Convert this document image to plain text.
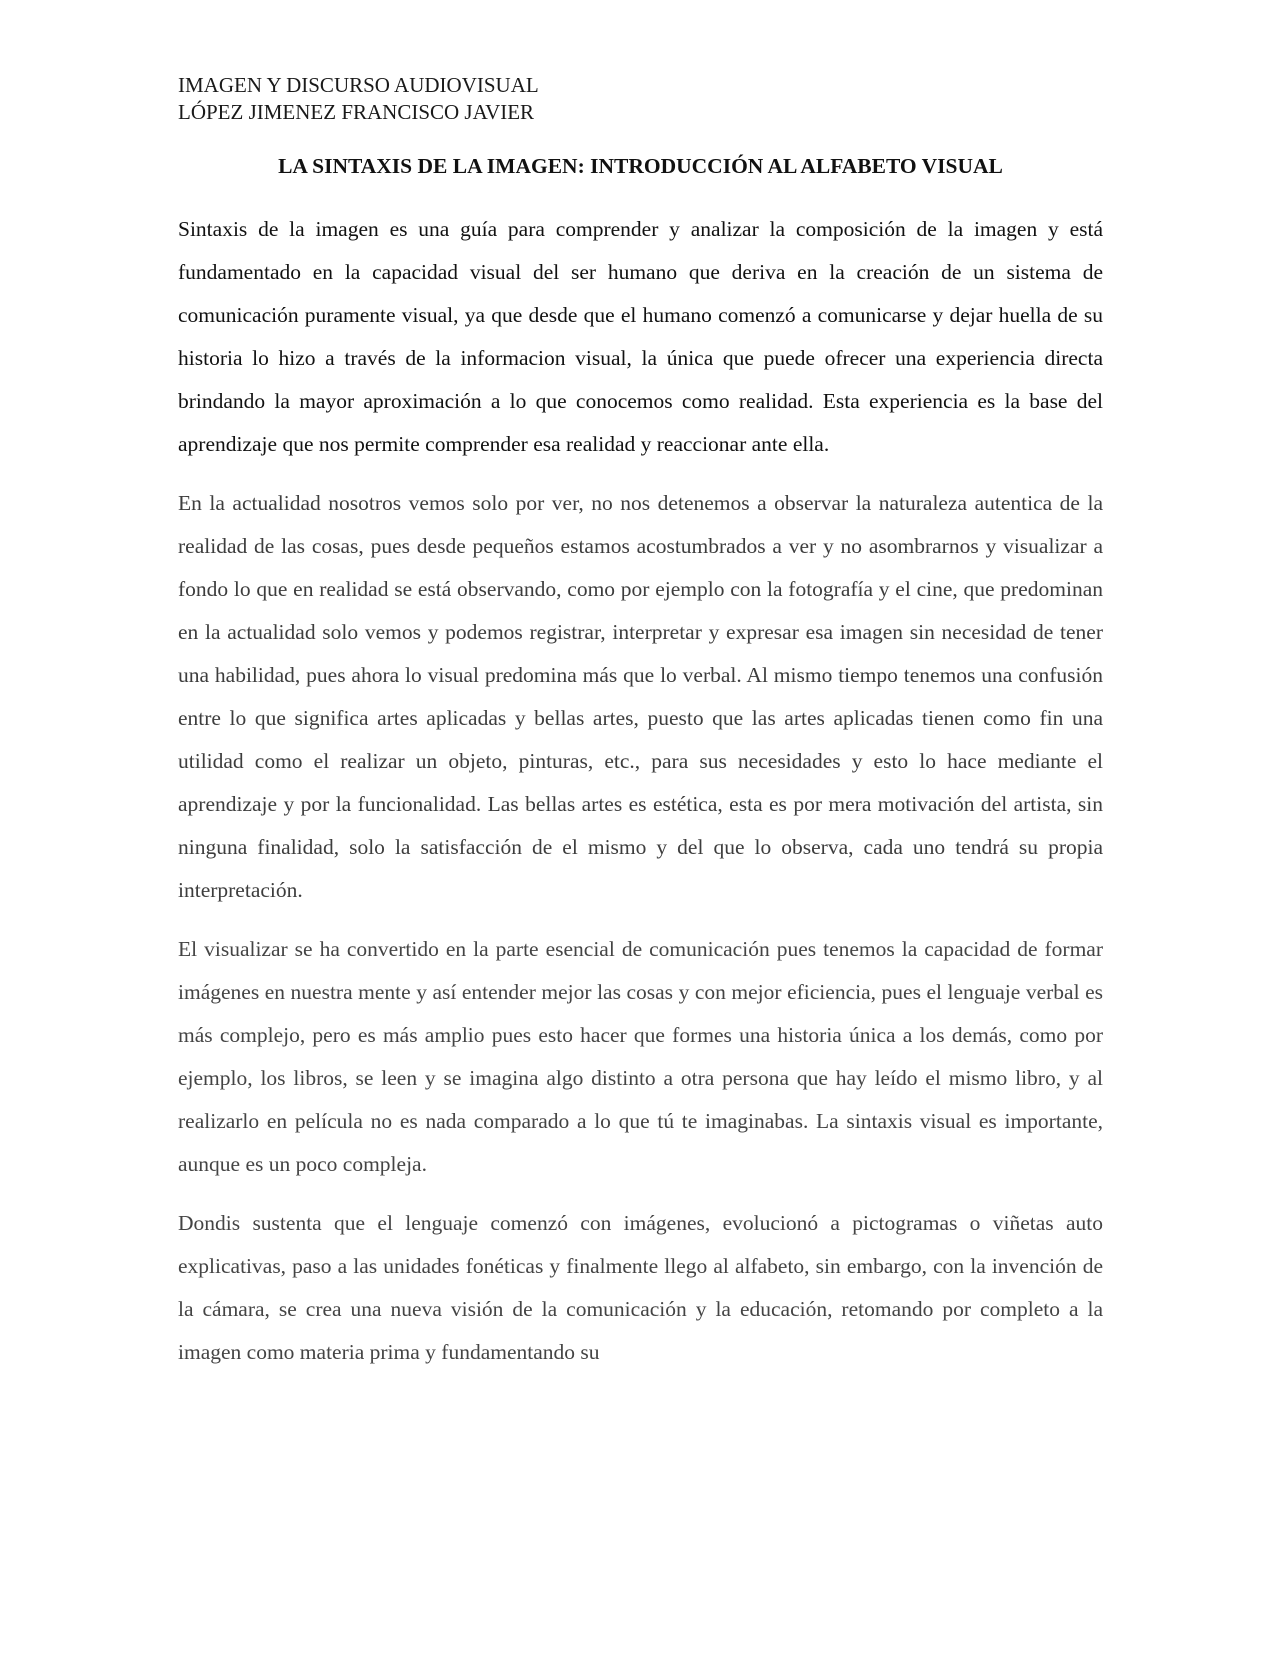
IMAGEN Y DISCURSO AUDIOVISUAL
LÓPEZ JIMENEZ FRANCISCO JAVIER
LA SINTAXIS DE LA IMAGEN: INTRODUCCIÓN AL ALFABETO VISUAL

Sintaxis de la imagen es una guía para comprender y analizar la composición de la imagen y está fundamentado en la capacidad visual del ser humano que deriva en la creación de un sistema de comunicación puramente visual, ya que desde que el humano comenzó a comunicarse y dejar huella de su historia lo hizo a través de la informacion visual, la única que puede ofrecer una experiencia directa brindando la mayor aproximación a lo que conocemos como realidad. Esta experiencia es la base del aprendizaje que nos permite comprender esa realidad y reaccionar ante ella.

En la actualidad nosotros vemos solo por ver, no nos detenemos a observar la naturaleza autentica de la realidad de las cosas, pues desde pequeños estamos acostumbrados a ver y no asombrarnos y visualizar a fondo lo que en realidad se está observando, como por ejemplo con la fotografía y el cine, que predominan en la actualidad solo vemos y podemos registrar, interpretar y expresar esa imagen sin necesidad de tener una habilidad, pues ahora lo visual predomina más que lo verbal. Al mismo tiempo tenemos una confusión entre lo que significa artes aplicadas y bellas artes, puesto que las artes aplicadas tienen como fin una utilidad como el realizar un objeto, pinturas, etc., para sus necesidades y esto lo hace mediante el aprendizaje y por la funcionalidad. Las bellas artes es estética, esta es por mera motivación del artista, sin ninguna finalidad, solo la satisfacción de el mismo y del que lo observa, cada uno tendrá su propia interpretación.

El visualizar se ha convertido en la parte esencial de comunicación pues tenemos la capacidad de formar imágenes en nuestra mente y así entender mejor las cosas y con mejor eficiencia, pues el lenguaje verbal es más complejo, pero es más amplio pues esto hacer que formes una historia única a los demás, como por ejemplo, los libros, se leen y se imagina algo distinto a otra persona que hay leído el mismo libro, y al realizarlo en película no es nada comparado a lo que tú te imaginabas. La sintaxis visual es importante, aunque es un poco compleja.

Dondis sustenta que el lenguaje comenzó con imágenes, evolucionó a pictogramas o viñetas auto explicativas, paso a las unidades fonéticas y finalmente llego al alfabeto, sin embargo, con la invención de la cámara, se crea una nueva visión de la comunicación y la educación, retomando por completo a la imagen como materia prima y fundamentando su
